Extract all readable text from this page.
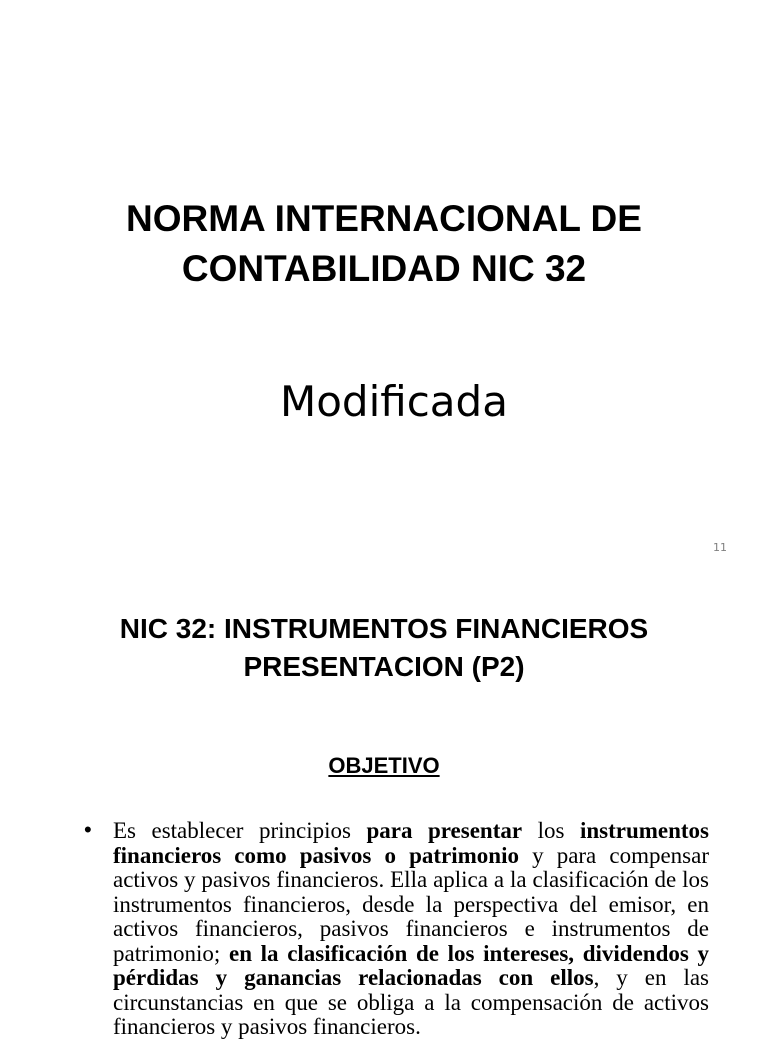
NORMA INTERNACIONAL DE
CONTABILIDAD NIC 32

Modificada

11
NIC 32: INSTRUMENTOS FINANCIEROS
PRESENTACION (P2)
OBJETIVO
• Es establecer principios para presentar los instrumentos financieros como pasivos o patrimonio y para compensar activos y pasivos financieros. Ella aplica a la clasificación de los instrumentos financieros, desde la perspectiva del emisor, en activos financieros, pasivos financieros e instrumentos de patrimonio; en la clasificación de los intereses, dividendos y pérdidas y ganancias relacionadas con ellos, y en las circunstancias en que se obliga a la compensación de activos financieros y pasivos financieros.
